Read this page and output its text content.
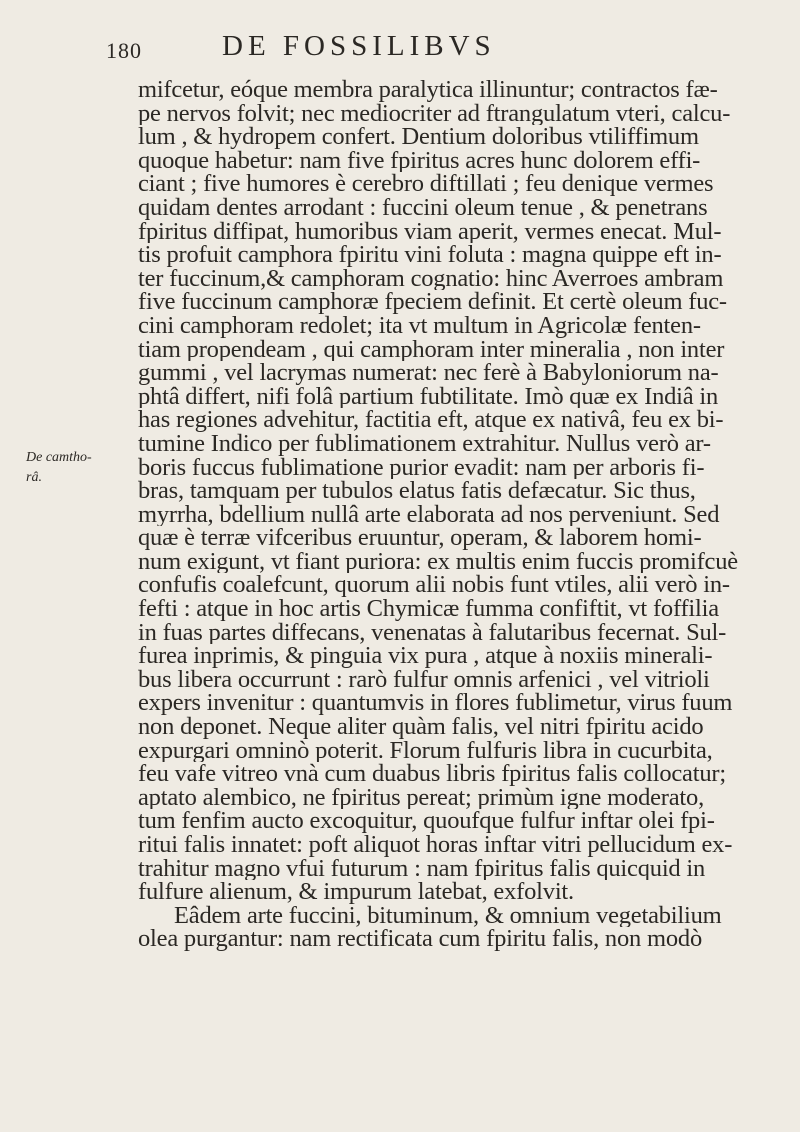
180	DE FOSSILIBVS
De camtho-
râ.
mifcetur, eóque membra paralytica illinuntur; contractos fæ-
pe nervos folvit; nec mediocriter ad ftrangulatum vteri, calcu-
lum , & hydropem confert. Dentium doloribus vtiliffimum
quoque habetur: nam five fpiritus acres hunc dolorem effi-
ciant ; five humores è cerebro diftillati ; feu denique vermes
quidam dentes arrodant : fuccini oleum tenue , & penetrans
fpiritus diffipat, humoribus viam aperit, vermes enecat. Mul-
tis profuit camphora fpiritu vini foluta : magna quippe eft in-
ter fuccinum,& camphoram cognatio: hinc Averroes ambram
five fuccinum camphoræ fpeciem definit. Et certè oleum fuc-
cini camphoram redolet; ita vt multum in Agricolæ fenten-
tiam propendeam , qui camphoram inter mineralia , non inter
gummi , vel lacrymas numerat: nec ferè à Babyloniorum na-
phtâ differt, nifi folâ partium fubtilitate. Imò quæ ex Indiâ in
has regiones advehitur, factitia eft, atque ex nativâ, feu ex bi-
tumine Indico per fublimationem extrahitur. Nullus verò ar-
boris fuccus fublimatione purior evadit: nam per arboris fi-
bras, tamquam per tubulos elatus fatis defæcatur. Sic thus,
myrrha, bdellium nullâ arte elaborata ad nos perveniunt. Sed
quæ è terræ vifceribus eruuntur, operam, & laborem homi-
num exigunt, vt fiant puriora: ex multis enim fuccis promifcuè
confufis coalefcunt, quorum alii nobis funt vtiles, alii verò in-
fefti : atque in hoc artis Chymicæ fumma confiftit, vt foffilia
in fuas partes diffecans, venenatas à falutaribus fecernat. Sul-
furea inprimis, & pinguia vix pura , atque à noxiis minerali-
bus libera occurrunt : rarò fulfur omnis arfenici , vel vitrioli
expers invenitur : quantumvis in flores fublimetur, virus fuum
non deponet. Neque aliter quàm falis, vel nitri fpiritu acido
expurgari omninò poterit. Florum fulfuris libra in cucurbita,
feu vafe vitreo vnà cum duabus libris fpiritus falis collocatur;
aptato alembico, ne fpiritus pereat; primùm igne moderato,
tum fenfim aucto excoquitur, quoufque fulfur inftar olei fpi-
ritui falis innatet: poft aliquot horas inftar vitri pellucidum ex-
trahitur magno vfui futurum : nam fpiritus falis quicquid in
fulfure alienum, & impurum latebat, exfolvit.
Eâdem arte fuccini, bituminum, & omnium vegetabilium
olea purgantur: nam rectificata cum fpiritu falis, non modò
